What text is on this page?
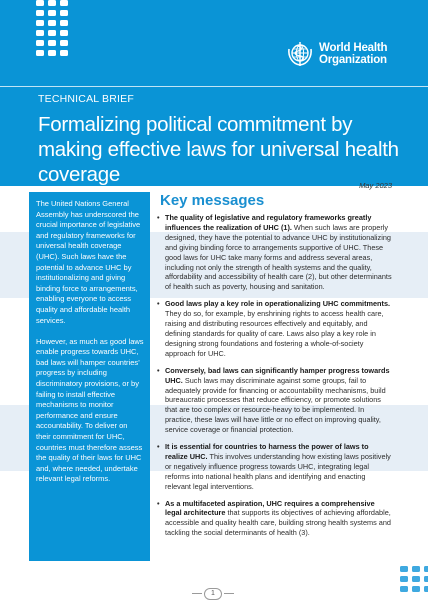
World Health
Organization
TECHNICAL BRIEF
Formalizing political commitment by making effective laws for universal health coverage	May 2023
Key messages

The United Nations General Assembly has underscored the crucial importance of legislative and regulatory frameworks for universal health coverage (UHC). Such laws have the potential to advance UHC by institutionalizing and giving binding force to arrangements, enabling everyone to access quality and affordable health services.

However, as much as good laws enable progress towards UHC, bad laws will hamper countries’ progress by including discriminatory provisions, or by failing to install effective mechanisms to monitor performance and ensure accountability. To deliver on their commitment for UHC, countries must therefore assess the quality of their laws for UHC and, where needed, undertake relevant legal reforms.

• The quality of legislative and regulatory frameworks greatly influences the realization of UHC (1). When such laws are properly designed, they have the potential to advance UHC by institutionalizing and giving binding force to arrangements supportive of UHC. These good laws for UHC take many forms and address several areas, including not only the strength of health systems and the quality, affordability and accessibility of health care (2), but other determinants of health such as poverty, housing and sanitation.
• Good laws play a key role in operationalizing UHC commitments. They do so, for example, by enshrining rights to access health care, raising and distributing resources effectively and equitably, and defining standards for quality of care. Laws also play a key role in designing strong foundations and fostering a whole-of-society approach for UHC.
• Conversely, bad laws can significantly hamper progress towards UHC. Such laws may discriminate against some groups, fail to adequately provide for financing or accountability mechanisms, build bureaucratic processes that reduce efficiency, or promote solutions that are too complex or resource-heavy to be implemented. In practice, these laws will have little or no effect on improving quality, service coverage or financial protection.
• It is essential for countries to harness the power of laws to realize UHC. This involves understanding how existing laws positively or negatively influence progress towards UHC, integrating legal reforms into national health plans and identifying and enacting relevant legal interventions.
• As a multifaceted aspiration, UHC requires a comprehensive legal architecture that supports its objectives of achieving affordable, accessible and quality health care, building strong health systems and tackling the social determinants of health (3).
1
